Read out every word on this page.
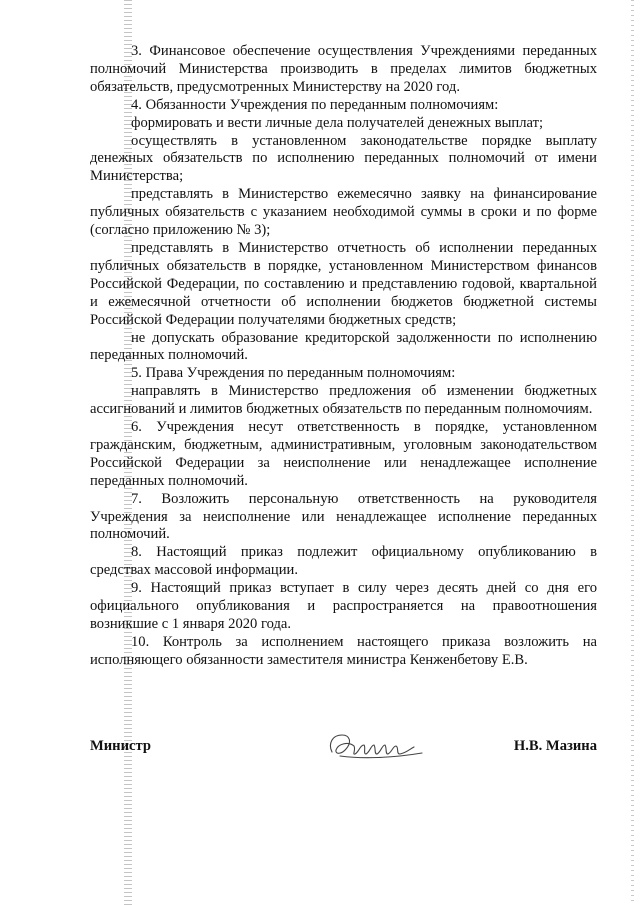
3. Финансовое обеспечение осуществления Учреждениями переданных полномочий Министерства производить в пределах лимитов бюджетных обязательств, предусмотренных Министерству на 2020 год.

4. Обязанности Учреждения по переданным полномочиям:

формировать и вести личные дела получателей денежных выплат;

осуществлять в установленном законодательстве порядке выплату денежных обязательств по исполнению переданных полномочий от имени Министерства;

представлять в Министерство ежемесячно заявку на финансирование публичных обязательств с указанием необходимой суммы в сроки и по форме (согласно приложению № 3);

представлять в Министерство отчетность об исполнении переданных публичных обязательств в порядке, установленном Министерством финансов Российской Федерации, по составлению и представлению годовой, квартальной и ежемесячной отчетности об исполнении бюджетов бюджетной системы Российской Федерации получателями бюджетных средств;

не допускать образование кредиторской задолженности по исполнению переданных полномочий.

5. Права Учреждения по переданным полномочиям:

направлять в Министерство предложения об изменении бюджетных ассигнований и лимитов бюджетных обязательств по переданным полномочиям.

6. Учреждения несут ответственность в порядке, установленном гражданским, бюджетным, административным, уголовным законодательством Российской Федерации за неисполнение или ненадлежащее исполнение переданных полномочий.

7. Возложить персональную ответственность на руководителя Учреждения за неисполнение или ненадлежащее исполнение переданных полномочий.

8. Настоящий приказ подлежит официальному опубликованию в средствах массовой информации.

9. Настоящий приказ вступает в силу через десять дней со дня его официального опубликования и распространяется на правоотношения возникшие с 1 января 2020 года.

10. Контроль за исполнением настоящего приказа возложить на исполняющего обязанности заместителя министра Кенженбетову Е.В.

Министр	Н.В. Мазина
